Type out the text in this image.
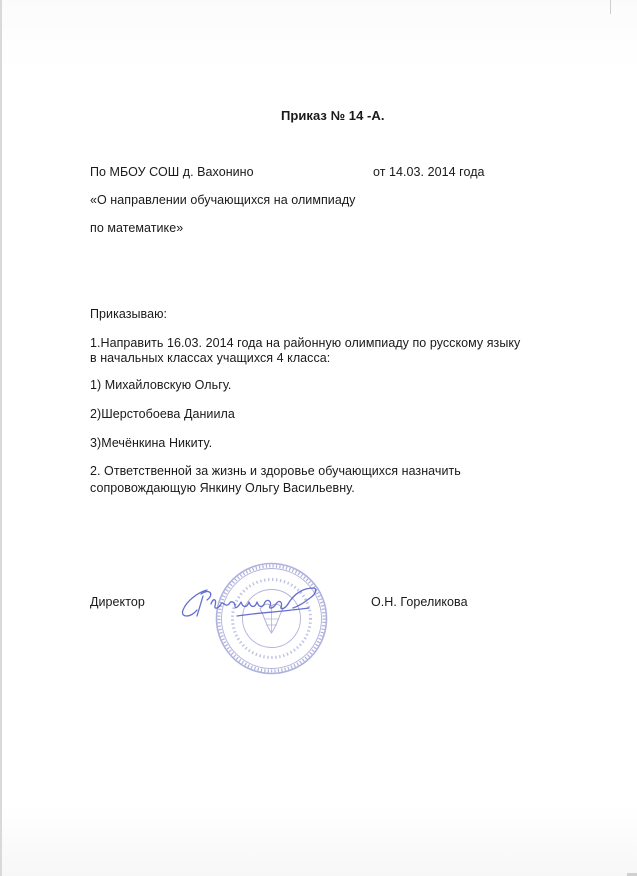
Приказ № 14 -А.
По МБОУ СОШ д. Вахонино	от 14.03. 2014 года
«О направлении обучающихся на олимпиаду
по математике»
Приказываю:
1.Направить 16.03. 2014 года на районную олимпиаду по русскому языку
в начальных классах учащихся 4 класса:
1) Михайловскую Ольгу.
2)Шерстобоева Даниила
3)Мечёнкина Никиту.
2. Ответственной за жизнь и здоровье обучающихся назначить
сопровождающую Янкину Ольгу Васильевну.
Директор	О.Н. Гореликова
